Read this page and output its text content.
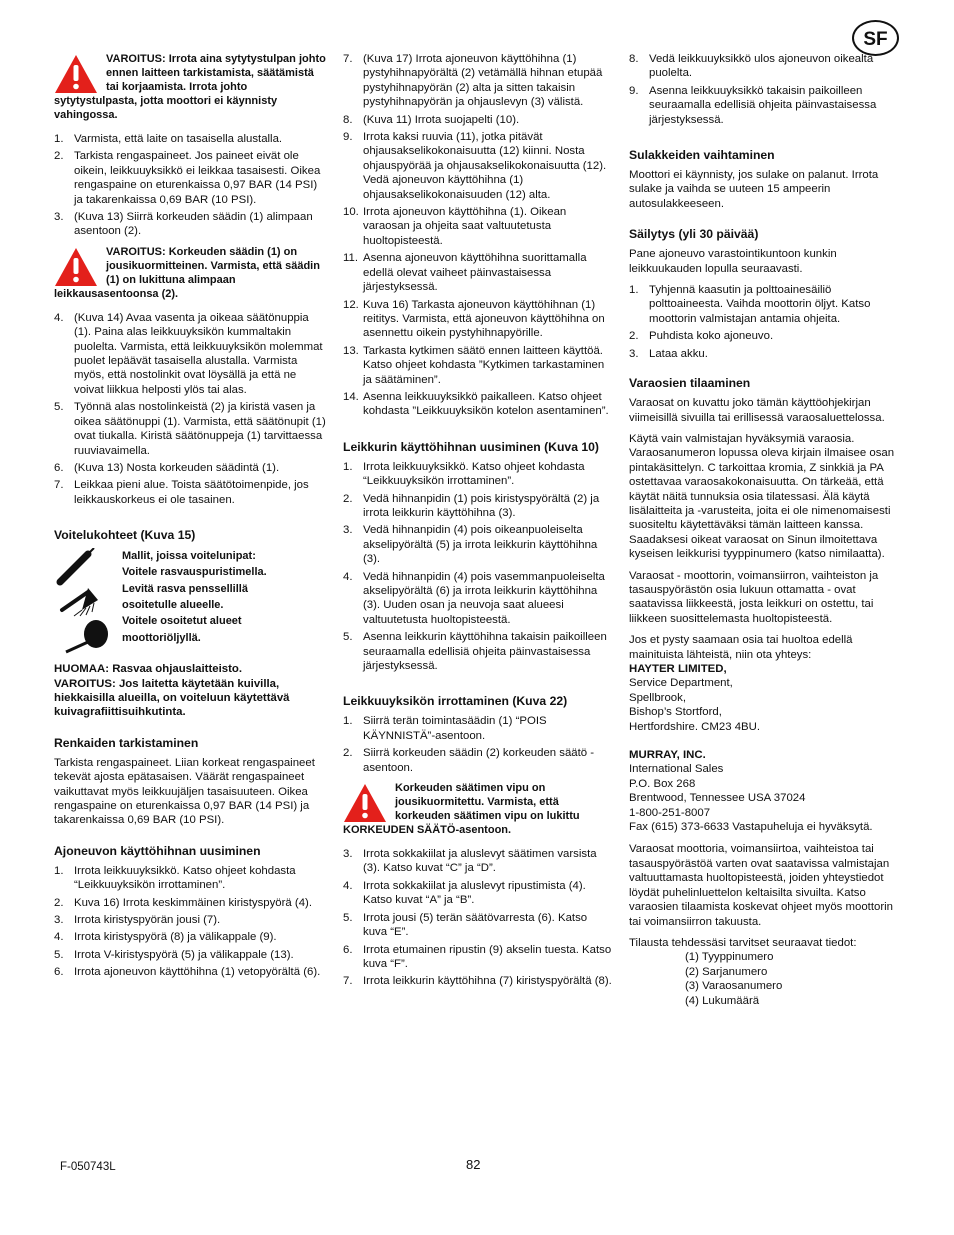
SF
VAROITUS: Irrota aina sytytystulpan johto ennen laitteen tarkistamista, säätämistä tai korjaamista. Irrota johto sytytystulpasta, jotta moottori ei käynnisty vahingossa.
1. Varmista, että laite on tasaisella alustalla.
2. Tarkista rengaspaineet. Jos paineet eivät ole oikein, leikkuuyksikkö ei leikkaa tasaisesti. Oikea rengaspaine on eturenkaissa 0,97 BAR (14 PSI) ja takarenkaissa 0,69 BAR (10 PSI).
3. (Kuva 13) Siirrä korkeuden säädin (1) alimpaan asentoon (2).
VAROITUS: Korkeuden säädin (1) on jousikuormitteinen. Varmista, että säädin (1) on lukittuna alimpaan leikkausasentoonsa (2).
4. (Kuva 14) Avaa vasenta ja oikeaa säätönuppia (1). Paina alas leikkuuyksikön kummaltakin puolelta. Varmista, että leikkuuyksikön molemmat puolet lepäävät tasaisella alustalla. Varmista myös, että nostolinkit ovat löysällä ja että ne voivat liikkua helposti ylös tai alas.
5. Työnnä alas nostolinkeistä (2) ja kiristä vasen ja oikea säätönuppi (1). Varmista, että säätönupit (1) ovat tiukalla. Kiristä säätönuppeja (1) tarvittaessa ruuviavaimella.
6. (Kuva 13) Nosta korkeuden säädintä (1).
7. Leikkaa pieni alue. Toista säätötoimenpide, jos leikkauskorkeus ei ole tasainen.
Voitelukohteet (Kuva 15)
Mallit, joissa voitelunipat:
Voitele rasvauspuristimella.
Levitä rasva penssellillä
osoitetulle alueelle.
Voitele osoitetut alueet
moottoriöljyllä.

HUOMAA: Rasvaa ohjauslaitteisto.

VAROITUS: Jos laitetta käytetään kuivilla, hiekkaisilla alueilla, on voiteluun käytettävä kuivagrafiittisuihkutinta.

Renkaiden tarkistaminen

Tarkista rengaspaineet. Liian korkeat rengaspaineet tekevät ajosta epätasaisen. Väärät rengaspaineet vaikuttavat myös leikkuujäljen tasaisuuteen. Oikea rengaspaine on eturenkaissa 0,97 BAR (14 PSI) ja takarenkaissa 0,69 BAR (10 PSI).

Ajoneuvon käyttöhihnan uusiminen
1. Irrota leikkuuyksikkö. Katso ohjeet kohdasta “Leikkuuyksikön irrottaminen”.
2. Kuva 16) Irrota keskimmäinen kiristyspyörä (4).
3. Irrota kiristyspyörän jousi (7).
4. Irrota kiristyspyörä (8) ja välikappale (9).
5. Irrota V-kiristyspyörä (5) ja välikappale (13).
6. Irrota ajoneuvon käyttöhihna (1) vetopyörältä (6).
7. (Kuva 17) Irrota ajoneuvon käyttöhihna (1) pystyhihnapyörältä (2) vetämällä hihnan etupää pystyhihnapyörän (2) alta ja sitten takaisin pystyhihnapyörän ja ohjauslevyn (3) välistä.
8. (Kuva 11) Irrota suojapelti (10).
9. Irrota kaksi ruuvia (11), jotka pitävät ohjausakselikokonaisuutta (12) kiinni. Nosta ohjauspyörää ja ohjausakselikokonaisuutta (12). Vedä ajoneuvon käyttöhihna (1) ohjausakselikokonaisuuden (12) alta.
10. Irrota ajoneuvon käyttöhihna (1). Oikean varaosan ja ohjeita saat valtuutetusta huoltopisteestä.
11. Asenna ajoneuvon käyttöhihna suorittamalla edellä olevat vaiheet päinvastaisessa järjestyksessä.
12. Kuva 16) Tarkasta ajoneuvon käyttöhihnan (1) reititys. Varmista, että ajoneuvon käyttöhihna on asennettu oikein pystyhihnapyörille.
13. Tarkasta kytkimen säätö ennen laitteen käyttöä. Katso ohjeet kohdasta ”Kytkimen tarkastaminen ja säätäminen”.
14. Asenna leikkuuyksikkö paikalleen. Katso ohjeet kohdasta ”Leikkuuyksikön kotelon asentaminen”.
Leikkurin käyttöhihnan uusiminen (Kuva 10)
1. Irrota leikkuuyksikkö. Katso ohjeet kohdasta “Leikkuuyksikön irrottaminen”.
2. Vedä hihnanpidin (1) pois kiristyspyörältä (2) ja irrota leikkurin käyttöhihna (3).
3. Vedä hihnanpidin (4) pois oikeanpuoleiselta akselipyörältä (5) ja irrota leikkurin käyttöhihna (3).
4. Vedä hihnanpidin (4) pois vasemmanpuoleiselta akselipyörältä (6) ja irrota leikkurin käyttöhihna (3). Uuden osan ja neuvoja saat alueesi valtuutetusta huoltopisteestä.
5. Asenna leikkurin käyttöhihna takaisin paikoilleen seuraamalla edellisiä ohjeita päinvastaisessa järjestyksessä.
Leikkuuyksikön irrottaminen (Kuva 22)
1. Siirrä terän toimintasäädin (1) “POIS KÄYNNISTÄ”-asentoon.
2. Siirrä korkeuden säädin (2) korkeuden säätö -asentoon.
Korkeuden säätimen vipu on jousikuormitettu. Varmista, että korkeuden säätimen vipu on lukittu KORKEUDEN SÄÄTÖ-asentoon.
3. Irrota sokkakiilat ja aluslevyt säätimen varsista (3). Katso kuvat “C” ja “D”.
4. Irrota sokkakiilat ja aluslevyt ripustimista (4). Katso kuvat “A” ja “B”.
5. Irrota jousi (5) terän säätövarresta (6). Katso kuva “E”.
6. Irrota etumainen ripustin (9) akselin tuesta. Katso kuva “F”.
7. Irrota leikkurin käyttöhihna (7) kiristyspyörältä (8).
8. Vedä leikkuuyksikkö ulos ajoneuvon oikealta puolelta.
9. Asenna leikkuuyksikkö takaisin paikoilleen seuraamalla edellisiä ohjeita päinvastaisessa järjestyksessä.
Sulakkeiden vaihtaminen

Moottori ei käynnisty, jos sulake on palanut. Irrota sulake ja vaihda se uuteen 15 ampeerin autosulakkeeseen.

Säilytys (yli 30 päivää)

Pane ajoneuvo varastointikuntoon kunkin leikkuukauden lopulla seuraavasti.

1. Tyhjennä kaasutin ja polttoainesäiliö polttoaineesta. Vaihda moottorin öljyt. Katso moottorin valmistajan antamia ohjeita.
2. Puhdista koko ajoneuvo.
3. Lataa akku.
Varaosien tilaaminen

Varaosat on kuvattu joko tämän käyttöohjekirjan viimeisillä sivuilla tai erillisessä varaosaluettelossa.

Käytä vain valmistajan hyväksymiä varaosia. Varaosanumeron lopussa oleva kirjain ilmaisee osan pintakäsittelyn. C tarkoittaa kromia, Z sinkkiä ja PA ostettavaa varaosakokonaisuutta. On tärkeää, että käytät näitä tunnuksia osia tilatessasi. Älä käytä lisälaitteita ja -varusteita, joita ei ole nimenomaisesti suositeltu käytettäväksi tämän laitteen kanssa. Saadaksesi oikeat varaosat on Sinun ilmoitettava kyseisen leikkurisi tyyppinumero (katso nimilaatta).

Varaosat - moottorin, voimansiirron, vaihteiston ja tasauspyörästön osia lukuun ottamatta - ovat saatavissa liikkeestä, josta leikkuri on ostettu, tai liikkeen suosittelemasta huoltopisteestä.

Jos et pysty saamaan osia tai huoltoa edellä mainituista lähteistä, niin ota yhteys:

HAYTER LIMITED,
Service Department,
Spellbrook,
Bishop’s Stortford,
Hertfordshire. CM23 4BU.
MURRAY, INC.
International Sales
P.O. Box 268
Brentwood, Tennessee USA 37024
1-800-251-8007
Fax (615) 373-6633 Vastapuheluja ei hyväksytä.

Varaosat moottoria, voimansiirtoa, vaihteistoa tai tasauspyörästöä varten ovat saatavissa valmistajan valtuuttamasta huoltopisteestä, joiden yhteystiedot löydät puhelinluettelon keltaisilta sivuilta. Katso varaosien tilaamista koskevat ohjeet myös moottorin tai voimansiirron takuusta.

Tilausta tehdessäsi tarvitset seuraavat tiedot:

(1) Tyyppinumero
(2) Sarjanumero
(3) Varaosanumero
(4) Lukumäärä
F-050743L	82
